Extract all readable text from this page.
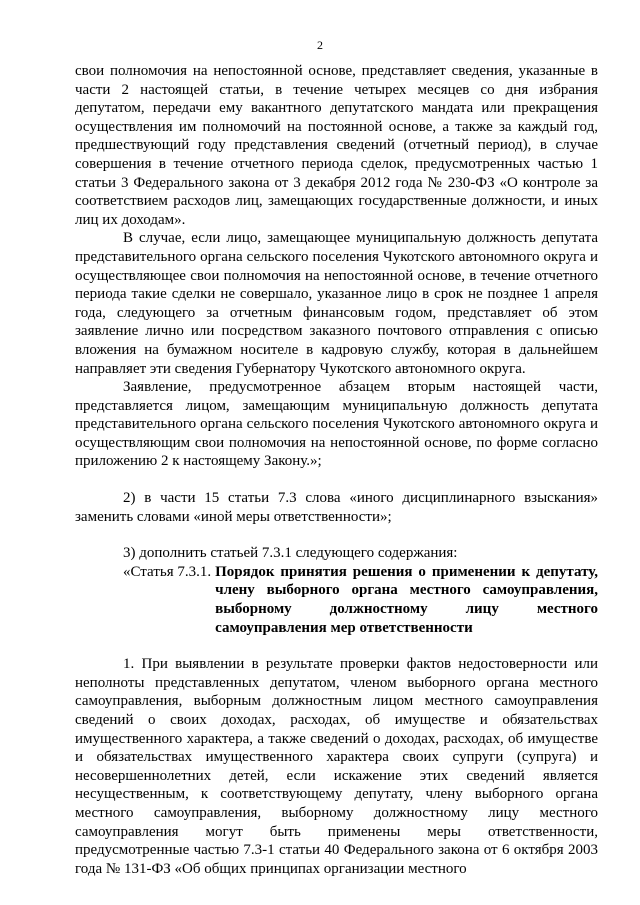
2

свои полномочия на непостоянной основе, представляет сведения, указанные в части 2 настоящей статьи, в течение четырех месяцев со дня избрания депутатом, передачи ему вакантного депутатского мандата или прекращения осуществления им полномочий на постоянной основе, а также за каждый год, предшествующий году представления сведений (отчетный период), в случае совершения в течение отчетного периода сделок, предусмотренных частью 1 статьи 3 Федерального закона от 3 декабря 2012 года № 230-ФЗ «О контроле за соответствием расходов лиц, замещающих государственные должности, и иных лиц их доходам».

В случае, если лицо, замещающее муниципальную должность депутата представительного органа сельского поселения Чукотского автономного округа и осуществляющее свои полномочия на непостоянной основе, в течение отчетного периода такие сделки не совершало, указанное лицо в срок не позднее 1 апреля года, следующего за отчетным финансовым годом, представляет об этом заявление лично или посредством заказного почтового отправления с описью вложения на бумажном носителе в кадровую службу, которая в дальнейшем направляет эти сведения Губернатору Чукотского автономного округа.

Заявление, предусмотренное абзацем вторым настоящей части, представляется лицом, замещающим муниципальную должность депутата представительного органа сельского поселения Чукотского автономного округа и осуществляющим свои полномочия на непостоянной основе, по форме согласно приложению 2 к настоящему Закону.»;

2) в части 15 статьи 7.3 слова «иного дисциплинарного взыскания» заменить словами «иной меры ответственности»;

3) дополнить статьей 7.3.1 следующего содержания:

«Статья 7.3.1. Порядок принятия решения о применении к депутату, члену выборного органа местного самоуправления, выборному должностному лицу местного самоуправления мер ответственности

1. При выявлении в результате проверки фактов недостоверности или неполноты представленных депутатом, членом выборного органа местного самоуправления, выборным должностным лицом местного самоуправления сведений о своих доходах, расходах, об имуществе и обязательствах имущественного характера, а также сведений о доходах, расходах, об имуществе и обязательствах имущественного характера своих супруги (супруга) и несовершеннолетних детей, если искажение этих сведений является несущественным, к соответствующему депутату, члену выборного органа местного самоуправления, выборному должностному лицу местного самоуправления могут быть применены меры ответственности, предусмотренные частью 7.3-1 статьи 40 Федерального закона от 6 октября 2003 года № 131-ФЗ «Об общих принципах организации местного
